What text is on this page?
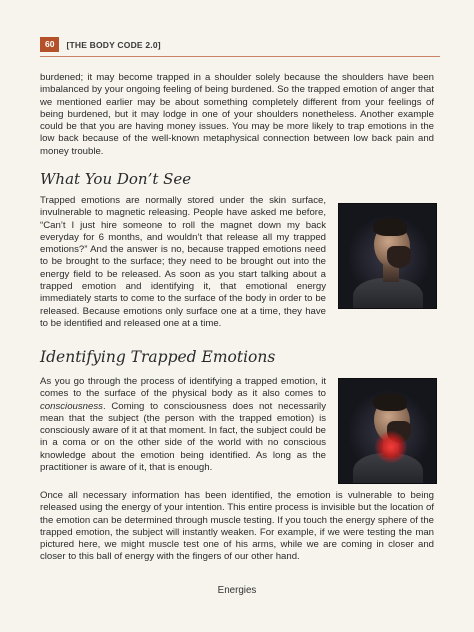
60	[THE BODY CODE 2.0]

burdened; it may become trapped in a shoulder solely because the shoulders have been imbalanced by your ongoing feeling of being burdened. So the trapped emotion of anger that we mentioned earlier may be about something completely different from your feelings of being burdened, but it may lodge in one of your shoulders nonetheless. Another example could be that you are having money issues. You may be more likely to trap emotions in the low back because of the well-known metaphysical connection between low back pain and money trouble.

What You Don’t See

Trapped emotions are normally stored under the skin surface, invulnerable to magnetic releasing. People have asked me before, “Can’t I just hire someone to roll the magnet down my back everyday for 6 months, and wouldn’t that release all my trapped emotions?” And the answer is no, because trapped emotions need to be brought to the surface; they need to be brought out into the energy field to be released. As soon as you start talking about a trapped emotion and identifying it, that emotional energy immediately starts to come to the surface of the body in order to be released. Because emotions only surface one at a time, they have to be identified and released one at a time.

Identifying Trapped Emotions

As you go through the process of identifying a trapped emotion, it comes to the surface of the physical body as it also comes to consciousness. Coming to consciousness does not necessarily mean that the subject (the person with the trapped emotion) is consciously aware of it at that moment. In fact, the subject could be in a coma or on the other side of the world with no conscious knowledge about the emotion being identified. As long as the practitioner is aware of it, that is enough.

Once all necessary information has been identified, the emotion is vulnerable to being released using the energy of your intention. This entire process is invisible but the location of the emotion can be determined through muscle testing. If you touch the energy sphere of the trapped emotion, the subject will instantly weaken. For example, if we were testing the man pictured here, we might muscle test one of his arms, while we are coming in closer and closer to this ball of energy with the fingers of our other hand.

Energies
